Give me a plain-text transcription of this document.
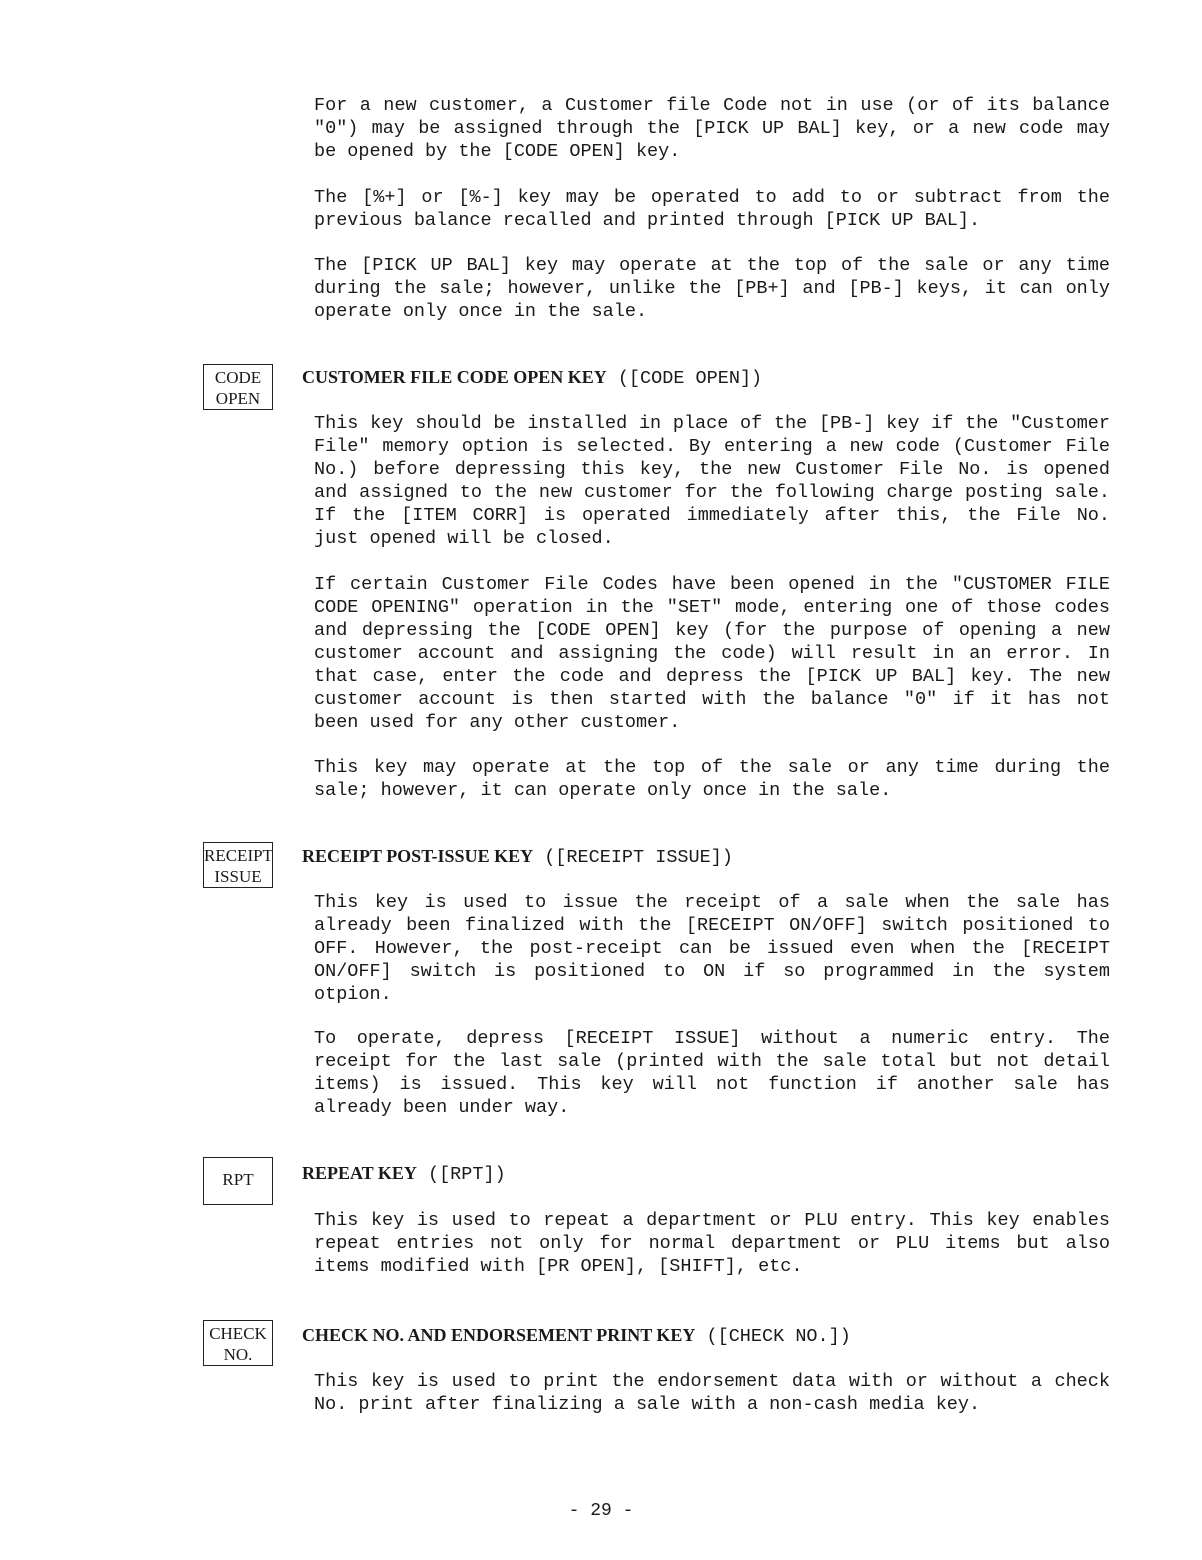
For a new customer, a Customer file Code not in use (or of its balance "0") may be assigned through the [PICK UP BAL] key, or a new code may be opened by the [CODE OPEN] key.

The [%+] or [%-] key may be operated to add to or subtract from the previous balance recalled and printed through [PICK UP BAL].

The [PICK UP BAL] key may operate at the top of the sale or any time during the sale; however, unlike the [PB+] and [PB-] keys, it can only operate only once in the sale.

CODE
OPEN

CUSTOMER FILE CODE OPEN KEY ([CODE OPEN])

This key should be installed in place of the [PB-] key if the "Customer File" memory option is selected. By entering a new code (Customer File No.) before depressing this key, the new Customer File No. is opened and assigned to the new customer for the following charge posting sale. If the [ITEM CORR] is operated immediately after this, the File No. just opened will be closed.

If certain Customer File Codes have been opened in the "CUSTOMER FILE CODE OPENING" operation in the "SET" mode, entering one of those codes and depressing the [CODE OPEN] key (for the purpose of opening a new customer account and assigning the code) will result in an error. In that case, enter the code and depress the [PICK UP BAL] key. The new customer account is then started with the balance "0" if it has not been used for any other customer.

This key may operate at the top of the sale or any time during the sale; however, it can operate only once in the sale.

RECEIPT
ISSUE

RECEIPT POST-ISSUE KEY ([RECEIPT ISSUE])

This key is used to issue the receipt of a sale when the sale has already been finalized with the [RECEIPT ON/OFF] switch positioned to OFF. However, the post-receipt can be issued even when the [RECEIPT ON/OFF] switch is positioned to ON if so programmed in the system otpion.

To operate, depress [RECEIPT ISSUE] without a numeric entry. The receipt for the last sale (printed with the sale total but not detail items) is issued. This key will not function if another sale has already been under way.

RPT	REPEAT KEY ([RPT])

This key is used to repeat a department or PLU entry. This key enables repeat entries not only for normal department or PLU items but also items modified with [PR OPEN], [SHIFT], etc.

CHECK
NO.

CHECK NO. AND ENDORSEMENT PRINT KEY ([CHECK NO.])

This key is used to print the endorsement data with or without a check No. print after finalizing a sale with a non-cash media key.

- 29 -
